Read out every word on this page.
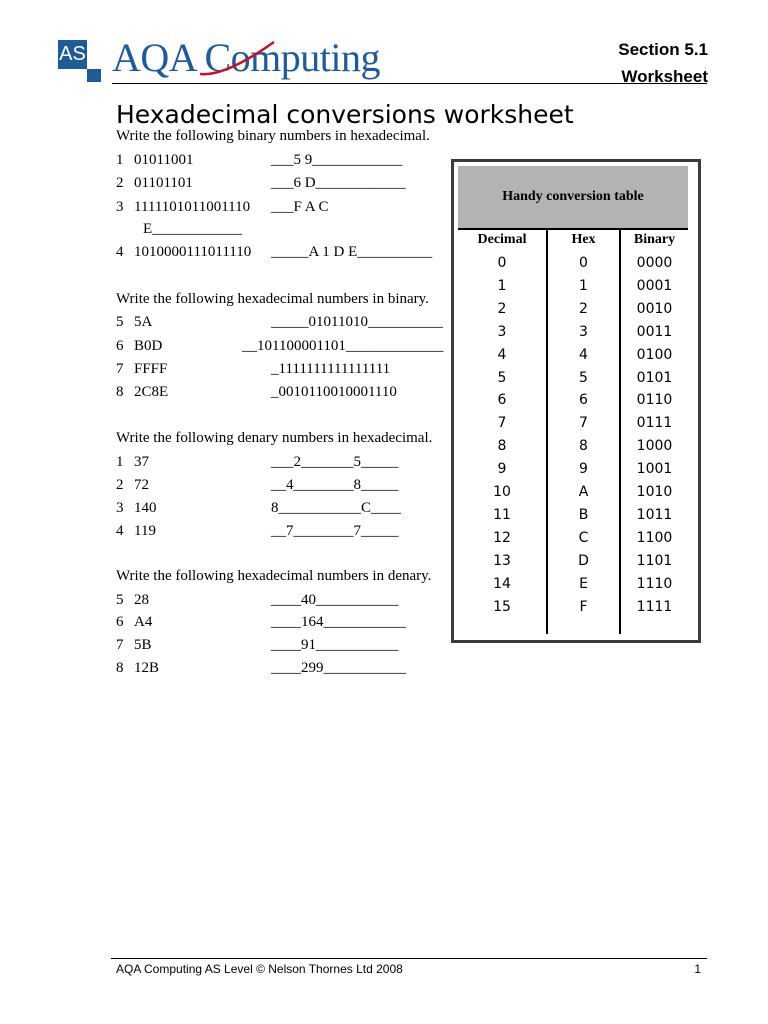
AS AQA Computing	Section 5.1
Worksheet
Hexadecimal conversions worksheet
Write the following binary numbers in hexadecimal.
1 01011001	___5 9____________
2 01101101	___6 D____________
3 1111101011001110 ___F A C
E____________
4 1010000111011110 _____A 1 D E__________
Write the following hexadecimal numbers in binary.
5 5A	_____01011010__________
6 B0D	__101100001101_____________
7 FFFF	_1111111111111111
8 2C8E	_0010110010001110
Write the following denary numbers in hexadecimal.
1 37	___2_______5_____
2 72	__4________8_____
3 140	8___________C____
4 119	__7________7_____
Write the following hexadecimal numbers in denary.
5 28	____40___________
6 A4	____164___________
7 5B	____91___________
8 12B	____299___________
Handy conversion table
Decimal	Hex	Binary
0	0	0000
1	1	0001
2	2	0010
3	3	0011
4	4	0100
5	5	0101
6	6	0110
7	7	0111
8	8	1000
9	9	1001
10	A	1010
11	B	1011
12	C	1100
13	D	1101
14	E	1110
15	F	1111
AQA Computing AS Level © Nelson Thornes Ltd 2008	1
